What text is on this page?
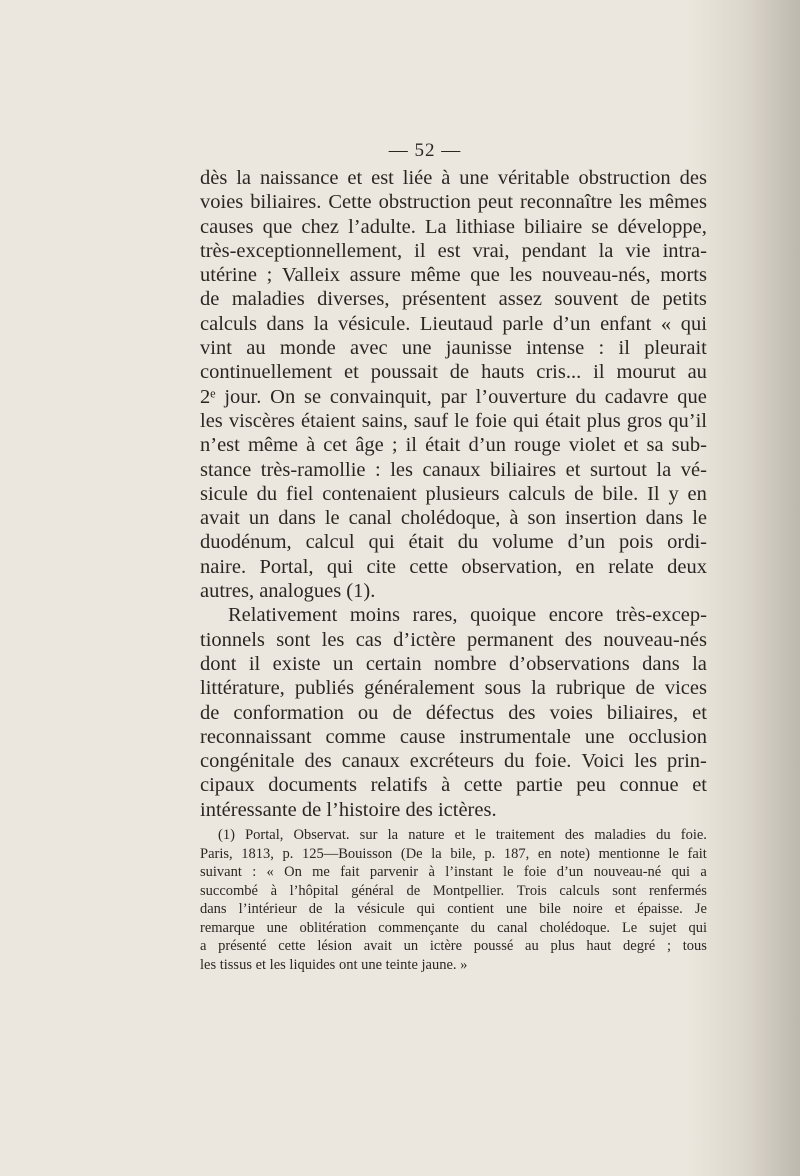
— 52 —
dès la naissance et est liée à une véritable obstruction des
voies biliaires. Cette obstruction peut reconnaître les mêmes
causes que chez l’adulte. La lithiase biliaire se développe,
très-exceptionnellement, il est vrai, pendant la vie intra-
utérine ; Valleix assure même que les nouveau-nés, morts
de maladies diverses, présentent assez souvent de petits
calculs dans la vésicule. Lieutaud parle d’un enfant « qui
vint au monde avec une jaunisse intense : il pleurait
continuellement et poussait de hauts cris... il mourut au
2ᵉ jour. On se convainquit, par l’ouverture du cadavre que
les viscères étaient sains, sauf le foie qui était plus gros qu’il
n’est même à cet âge ; il était d’un rouge violet et sa sub-
stance très-ramollie : les canaux biliaires et surtout la vé-
sicule du fiel contenaient plusieurs calculs de bile. Il y en
avait un dans le canal cholédoque, à son insertion dans le
duodénum, calcul qui était du volume d’un pois ordi-
naire. Portal, qui cite cette observation, en relate deux
autres, analogues (1).
Relativement moins rares, quoique encore très-excep-
tionnels sont les cas d’ictère permanent des nouveau-nés
dont il existe un certain nombre d’observations dans la
littérature, publiés généralement sous la rubrique de vices
de conformation ou de défectus des voies biliaires, et
reconnaissant comme cause instrumentale une occlusion
congénitale des canaux excréteurs du foie. Voici les prin-
cipaux documents relatifs à cette partie peu connue et
intéressante de l’histoire des ictères.
(1) Portal, Observat. sur la nature et le traitement des maladies du foie.
Paris, 1813, p. 125—Bouisson (De la bile, p. 187, en note) mentionne le fait
suivant : « On me fait parvenir à l’instant le foie d’un nouveau-né qui a
succombé à l’hôpital général de Montpellier. Trois calculs sont renfermés
dans l’intérieur de la vésicule qui contient une bile noire et épaisse. Je
remarque une oblitération commençante du canal cholédoque. Le sujet qui
a présenté cette lésion avait un ictère poussé au plus haut degré ; tous
les tissus et les liquides ont une teinte jaune. »
